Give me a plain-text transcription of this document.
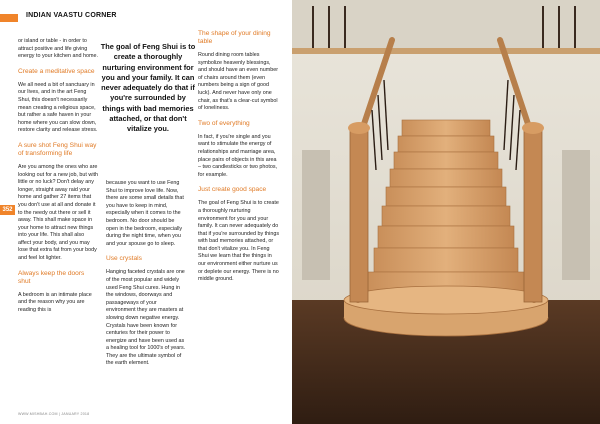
INDIAN VAASTU CORNER

or island or table - in order to attract positive and life giving energy to your kitchen and home.

Create a meditative space

We all need a bit of sanctuary in our lives, and in the art Feng Shui, this doesn't necessarily mean creating a religious space, but rather a safe haven in your home where you can slow down, restore clarity and release stress.

A sure shot Feng Shui way of transforming life

Are you among the ones who are looking out for a new job, but with little or no luck? Don't delay any longer, straight away raid your home and gather 27 items that you don't use at all and donate it to the needy out there or sell it away. This shall make space in your home to attract new things into your life. This shall also affect your body, and you may lose that extra fat from your body and feel lot lighter.

Always keep the doors shut

A bedroom is an intimate place and the reason why you are reading this is

The goal of Feng Shui is to create a thoroughly nurturing environment for you and your family. It can never adequately do that if you're surrounded by things with bad memories attached, or that don't vitalize you.

because you want to use Feng Shui to improve love life. Now, there are some small details that you have to keep in mind, especially when it comes to the bedroom. No door should be open in the bedroom, especially during the night time, when you and your spouse go to sleep.

Use crystals

Hanging faceted crystals are one of the most popular and widely used Feng Shui cures. Hung in the windows, doorways and passageways of your environment they are masters at slowing down negative energy. Crystals have been known for centuries for their power to energize and have been used as a healing tool for 1000's of years. They are the ultimate symbol of the earth element.

The shape of your dining table

Round dining room tables symbolize heavenly blessings, and should have an even number of chairs around them (even numbers being a sign of good luck). And never have only one chair, as that's a clear-cut symbol of loneliness.

Two of everything

In fact, if you're single and you want to stimulate the energy of relationships and marriage area, place pairs of objects in this area – two candlesticks or two photos, for example.

Just create good space

The goal of Feng Shui is to create a thoroughly nurturing environment for you and your family. It can never adequately do that if you're surrounded by things with bad memories attached, or that don't vitalize you. In Feng Shui we learn that the things in our environment either nurture us or deplete our energy. There is no middle ground.

352
WWW.MISHBAH.COM | JANUARY 2018
